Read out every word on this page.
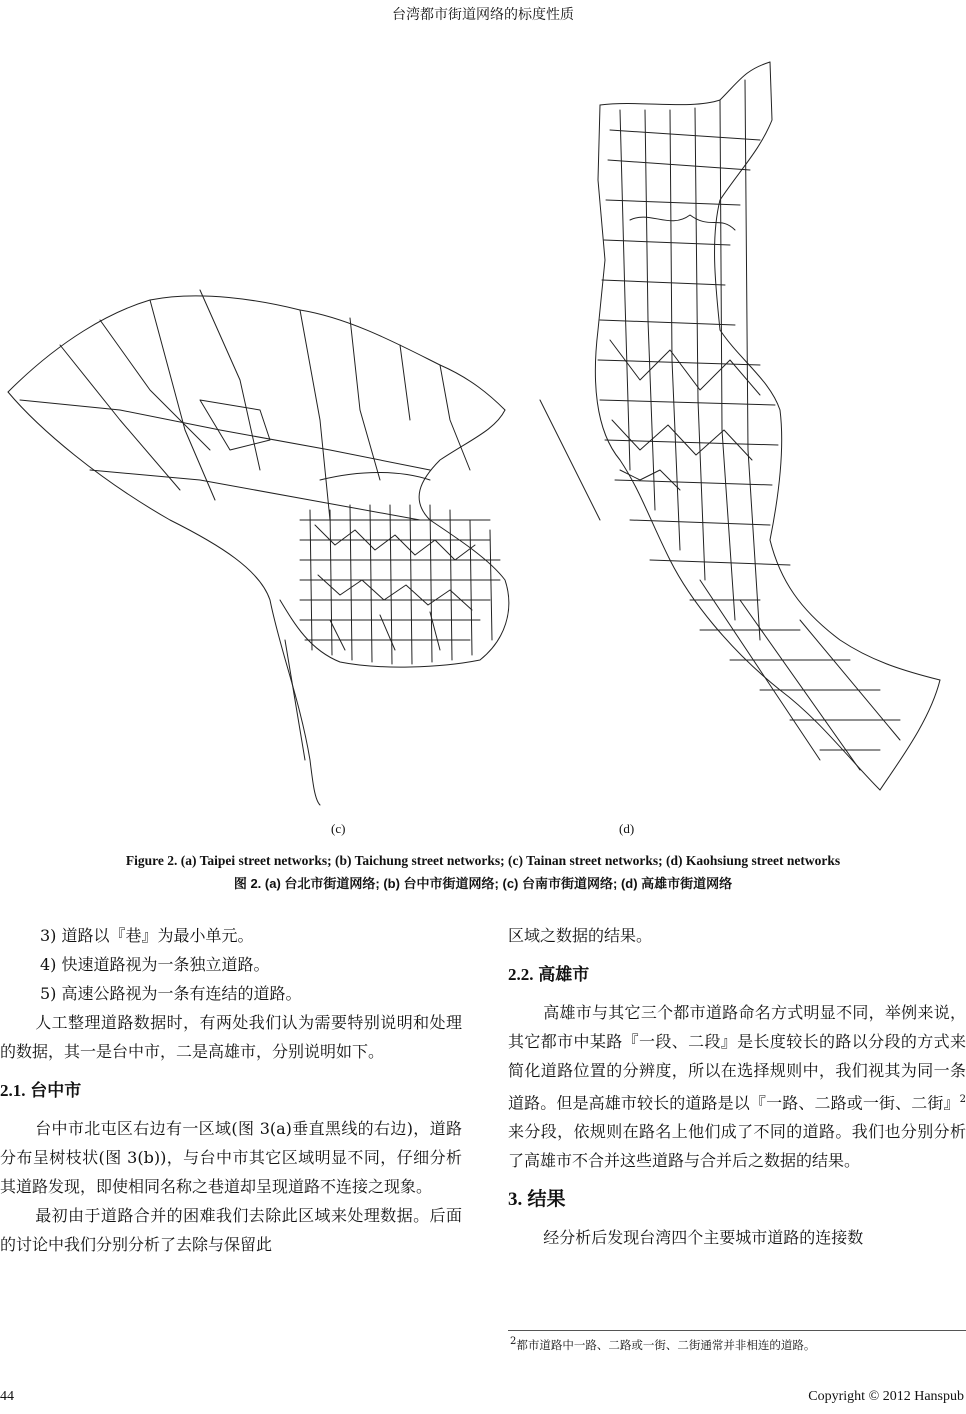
台湾都市街道网络的标度性质
(c)	(d)
Figure 2. (a) Taipei street networks; (b) Taichung street networks; (c) Tainan street networks; (d) Kaohsiung street networks
图 2. (a) 台北市街道网络; (b) 台中市街道网络; (c) 台南市街道网络; (d) 高雄市街道网络

3) 道路以『巷』为最小单元。

4) 快速道路视为一条独立道路。

5) 高速公路视为一条有连结的道路。

人工整理道路数据时，有两处我们认为需要特别说明和处理的数据，其一是台中市，二是高雄市，分别说明如下。

2.1. 台中市

台中市北屯区右边有一区域(图 3(a)垂直黑线的右边)，道路分布呈树枝状(图 3(b))，与台中市其它区域明显不同，仔细分析其道路发现，即使相同名称之巷道却呈现道路不连接之现象。

最初由于道路合并的困难我们去除此区域来处理数据。后面的讨论中我们分别分析了去除与保留此

区域之数据的结果。

2.2. 高雄市

高雄市与其它三个都市道路命名方式明显不同，举例来说，其它都市中某路『一段、二段』是长度较长的路以分段的方式来简化道路位置的分辨度，所以在选择规则中，我们视其为同一条道路。但是高雄市较长的道路是以『一路、二路或一街、二街』$^2$来分段，依规则在路名上他们成了不同的道路。我们也分别分析了高雄市不合并这些道路与合并后之数据的结果。

3. 结果

经分析后发现台湾四个主要城市道路的连接数

$^2$都市道路中一路、二路或一街、二街通常并非相连的道路。
44	Copyright © 2012 Hanspub
